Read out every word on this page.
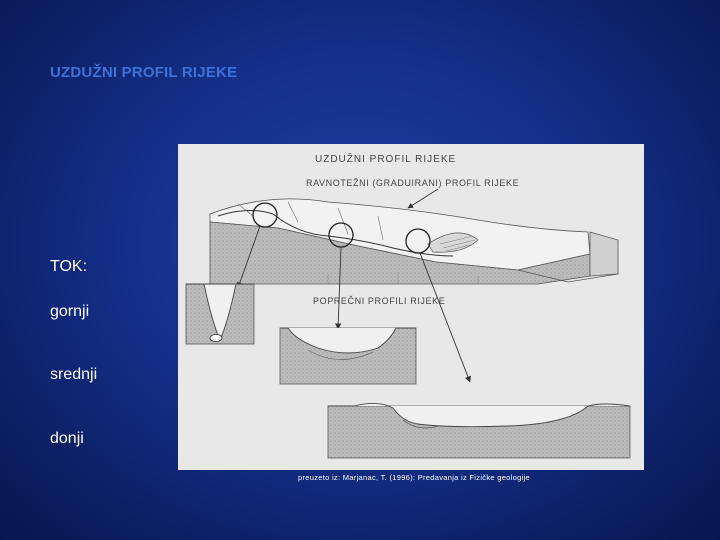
UZDUŽNI PROFIL RIJEKE
TOK:
gornji
srednji
donji
UZDUŽNI PROFIL RIJEKE
RAVNOTEŽNI (GRADUIRANI) PROFIL RIJEKE
POPREČNI PROFILI RIJEKE
preuzeto iz: Marjanac, T. (1996): Predavanja iz Fizičke geologije
